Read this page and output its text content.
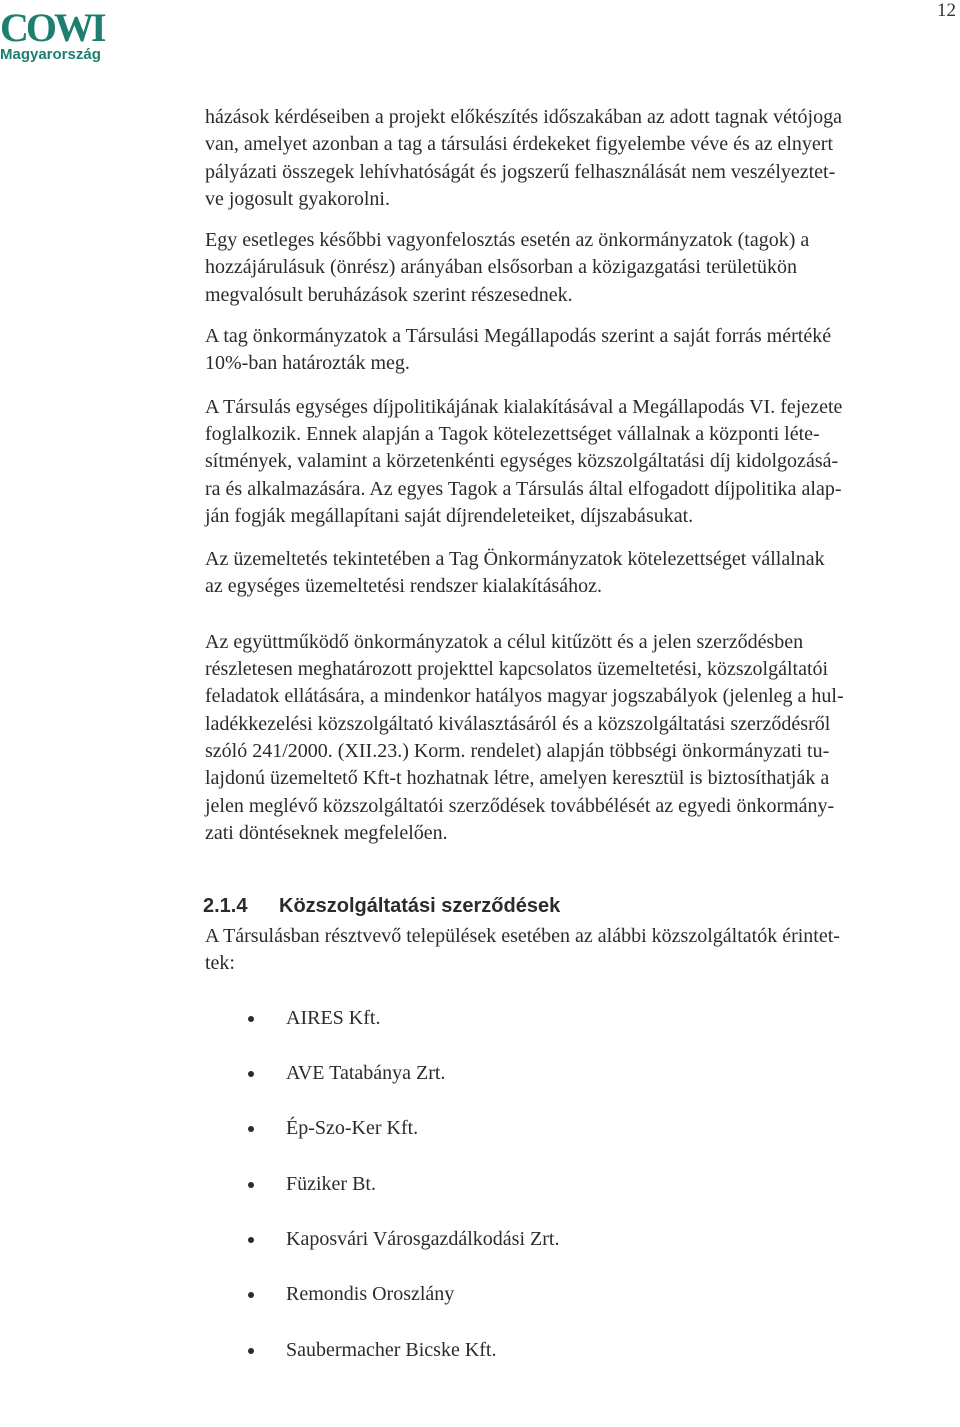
COWI
Magyarország
12

házások kérdéseiben a projekt előkészítés időszakában az adott tagnak vétójoga
van, amelyet azonban a tag a társulási érdekeket figyelembe véve és az elnyert
pályázati összegek lehívhatóságát és jogszerű felhasználását nem veszélyeztet-
ve jogosult gyakorolni.

Egy esetleges későbbi vagyonfelosztás esetén az önkormányzatok (tagok) a
hozzájárulásuk (önrész) arányában elsősorban a közigazgatási területükön
megvalósult beruházások szerint részesednek.

A tag önkormányzatok a Társulási Megállapodás szerint a saját forrás mértéké
10%-ban határozták meg.

A Társulás egységes díjpolitikájának kialakításával a Megállapodás VI. fejezete
foglalkozik. Ennek alapján a Tagok kötelezettséget vállalnak a központi léte-
sítmények, valamint a körzetenkénti egységes közszolgáltatási díj kidolgozásá-
ra és alkalmazására. Az egyes Tagok a Társulás által elfogadott díjpolitika alap-
ján fogják megállapítani saját díjrendeleteiket, díjszabásukat.

Az üzemeltetés tekintetében a Tag Önkormányzatok kötelezettséget vállalnak
az egységes üzemeltetési rendszer kialakításához.

Az együttműködő önkormányzatok a célul kitűzött és a jelen szerződésben
részletesen meghatározott projekttel kapcsolatos üzemeltetési, közszolgáltatói
feladatok ellátására, a mindenkor hatályos magyar jogszabályok (jelenleg a hul-
ladékkezelési közszolgáltató kiválasztásáról és a közszolgáltatási szerződésről
szóló 241/2000. (XII.23.) Korm. rendelet) alapján többségi önkormányzati tu-
lajdonú üzemeltető Kft-t hozhatnak létre, amelyen keresztül is biztosíthatják a
jelen meglévő közszolgáltatói szerződések továbbélését az egyedi önkormány-
zati döntéseknek megfelelően.

2.1.4 Közszolgáltatási szerződések

A Társulásban résztvevő települések esetében az alábbi közszolgáltatók érintet-
tek:

AIRES Kft.
AVE Tatabánya Zrt.
Ép-Szo-Ker Kft.
Füziker Bt.
Kaposvári Városgazdálkodási Zrt.
Remondis Oroszlány
Saubermacher Bicske Kft.
